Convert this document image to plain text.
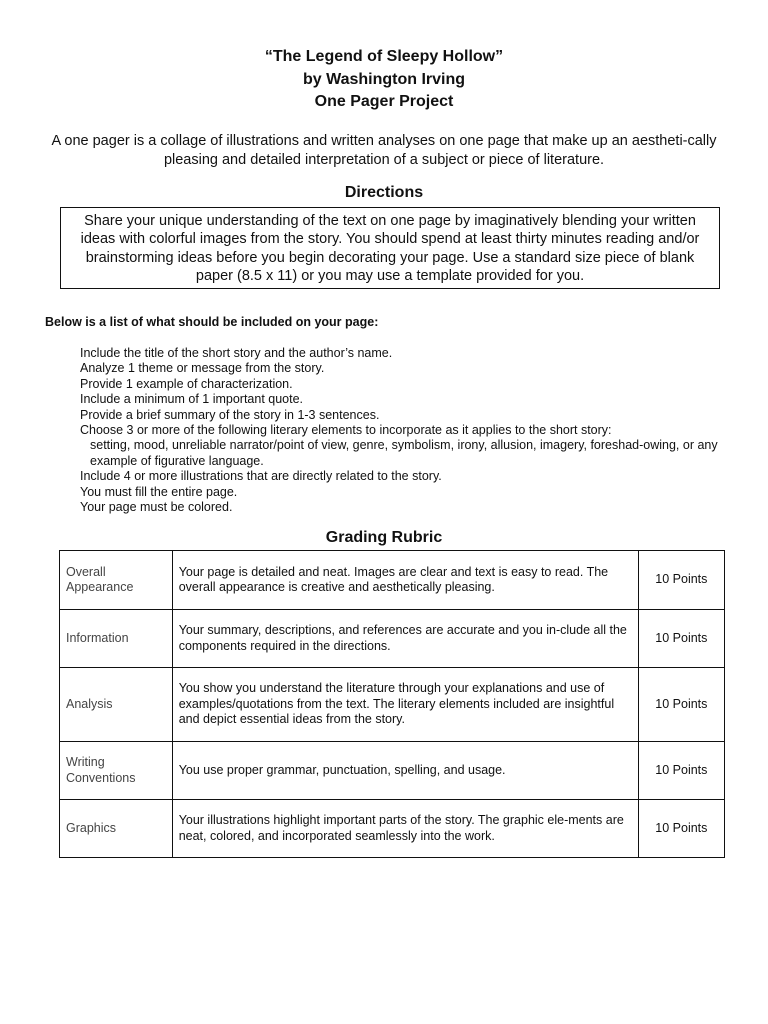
“The Legend of Sleepy Hollow”
by Washington Irving
One Pager Project
A one pager is a collage of illustrations and written analyses on one page that make up an aestheti-cally pleasing and detailed interpretation of a subject or piece of literature.
Directions
Share your unique understanding of the text on one page by imaginatively blending your written ideas with colorful images from the story. You should spend at least thirty minutes reading and/or brainstorming ideas before you begin decorating your page. Use a standard size piece of blank paper (8.5 x 11) or you may use a template provided for you.
Below is a list of what should be included on your page:
Include the title of the short story and the author’s name.
Analyze 1 theme or message from the story.
Provide 1 example of characterization.
Include a minimum of 1 important quote.
Provide a brief summary of the story in 1-3 sentences.
Choose 3 or more of the following literary elements to incorporate as it applies to the short story:
setting, mood, unreliable narrator/point of view, genre, symbolism, irony, allusion, imagery, foreshad-owing, or any example of figurative language.
Include 4 or more illustrations that are directly related to the story.
You must fill the entire page.
Your page must be colored.
Grading Rubric
Overall Appearance	Your page is detailed and neat. Images are clear and text is easy to read. The overall appearance is creative and aesthetically pleasing.	10 Points
Information	Your summary, descriptions, and references are accurate and you in-clude all the components required in the directions.	10 Points
Analysis	You show you understand the literature through your explanations and use of examples/quotations from the text. The literary elements included are insightful and depict essential ideas from the story.	10 Points
Writing Conventions	You use proper grammar, punctuation, spelling, and usage.	10 Points
Graphics	Your illustrations highlight important parts of the story. The graphic ele-ments are neat, colored, and incorporated seamlessly into the work.	10 Points
